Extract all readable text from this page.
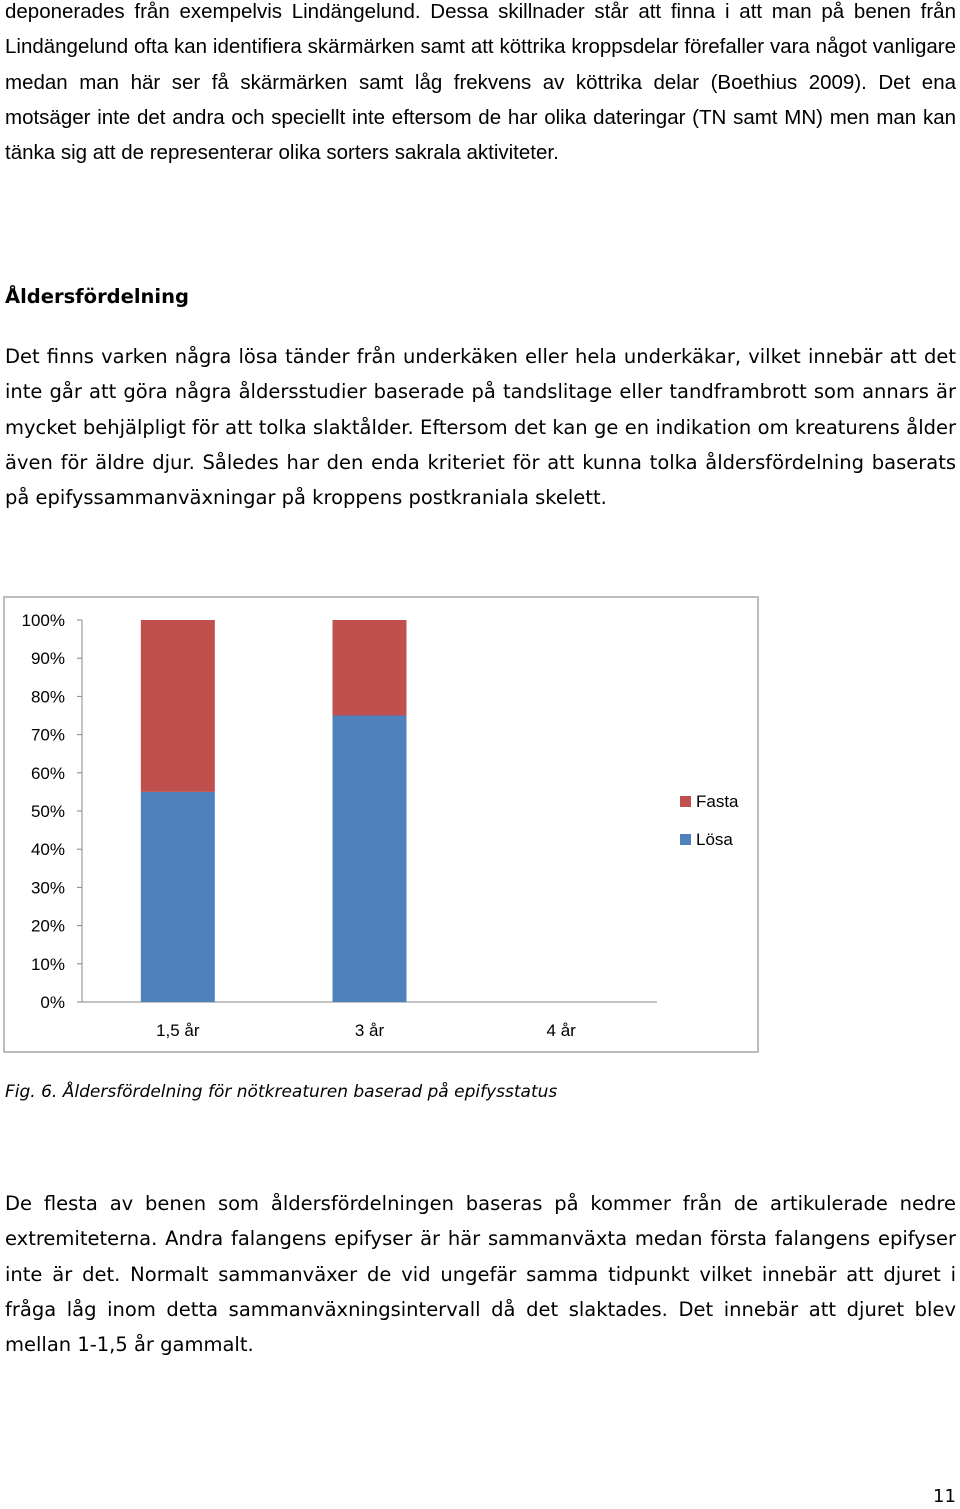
deponerades från exempelvis Lindängelund. Dessa skillnader står att finna i att man på benen från Lindängelund ofta kan identifiera skärmärken samt att köttrika kroppsdelar förefaller vara något vanligare medan man här ser få skärmärken samt låg frekvens av köttrika delar (Boethius 2009). Det ena motsäger inte det andra och speciellt inte eftersom de har olika dateringar (TN samt MN) men man kan tänka sig att de representerar olika sorters sakrala aktiviteter.

Åldersfördelning

Det finns varken några lösa tänder från underkäken eller hela underkäkar, vilket innebär att det inte går att göra några åldersstudier baserade på tandslitage eller tandframbrott som annars är mycket behjälpligt för att tolka slaktålder. Eftersom det kan ge en indikation om kreaturens ålder även för äldre djur. Således har den enda kriteriet för att kunna tolka åldersfördelning baserats på epifyssammanväxningar på kroppens postkraniala skelett.

0%
10%
20%
30%
40%
50%
60%
70%
80%
90%
100%
1,5 år	3 år	4 år
Fasta
Lösa

Fig. 6. Åldersfördelning för nötkreaturen baserad på epifysstatus

De flesta av benen som åldersfördelningen baseras på kommer från de artikulerade nedre extremiteterna. Andra falangens epifyser är här sammanväxta medan första falangens epifyser inte är det. Normalt sammanväxer de vid ungefär samma tidpunkt vilket innebär att djuret i fråga låg inom detta sammanväxningsintervall då det slaktades. Det innebär att djuret blev mellan 1-1,5 år gammalt.

11
